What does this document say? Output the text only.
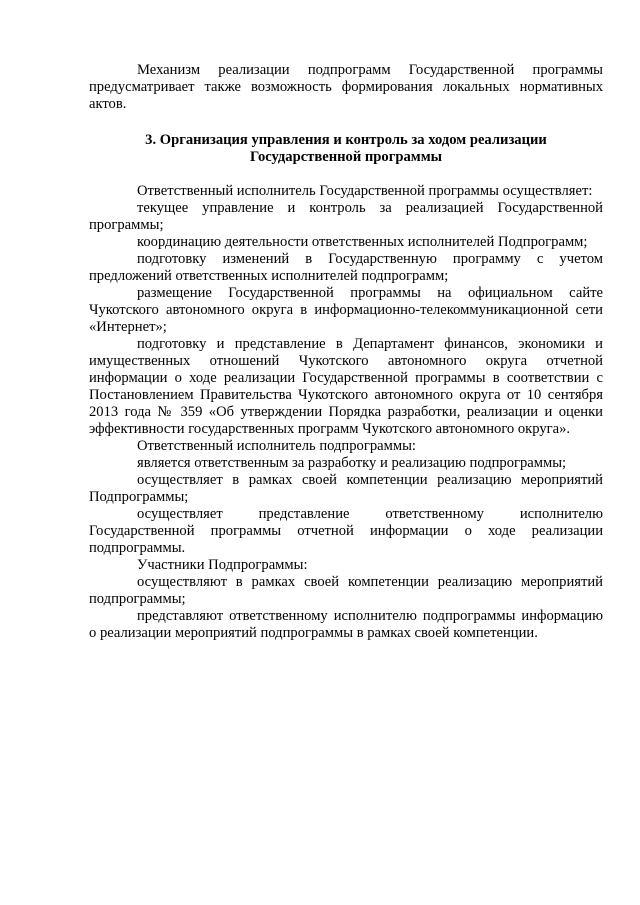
Механизм реализации подпрограмм Государственной программы предусматривает также возможность формирования локальных нормативных актов.

3. Организация управления и контроль за ходом реализации
Государственной программы

Ответственный исполнитель Государственной программы осуществляет:

текущее управление и контроль за реализацией Государственной программы;

координацию деятельности ответственных исполнителей Подпрограмм;

подготовку изменений в Государственную программу с учетом предложений ответственных исполнителей подпрограмм;

размещение Государственной программы на официальном сайте Чукотского автономного округа в информационно-телекоммуникационной сети «Интернет»;

подготовку и представление в Департамент финансов, экономики и имущественных отношений Чукотского автономного округа отчетной информации о ходе реализации Государственной программы в соответствии с Постановлением Правительства Чукотского автономного округа от 10 сентября 2013 года № 359 «Об утверждении Порядка разработки, реализации и оценки эффективности государственных программ Чукотского автономного округа».

Ответственный исполнитель подпрограммы:

является ответственным за разработку и реализацию подпрограммы;

осуществляет в рамках своей компетенции реализацию мероприятий Подпрограммы;

осуществляет представление ответственному исполнителю Государственной программы отчетной информации о ходе реализации подпрограммы.

Участники Подпрограммы:

осуществляют в рамках своей компетенции реализацию мероприятий подпрограммы;

представляют ответственному исполнителю подпрограммы информацию о реализации мероприятий подпрограммы в рамках своей компетенции.
